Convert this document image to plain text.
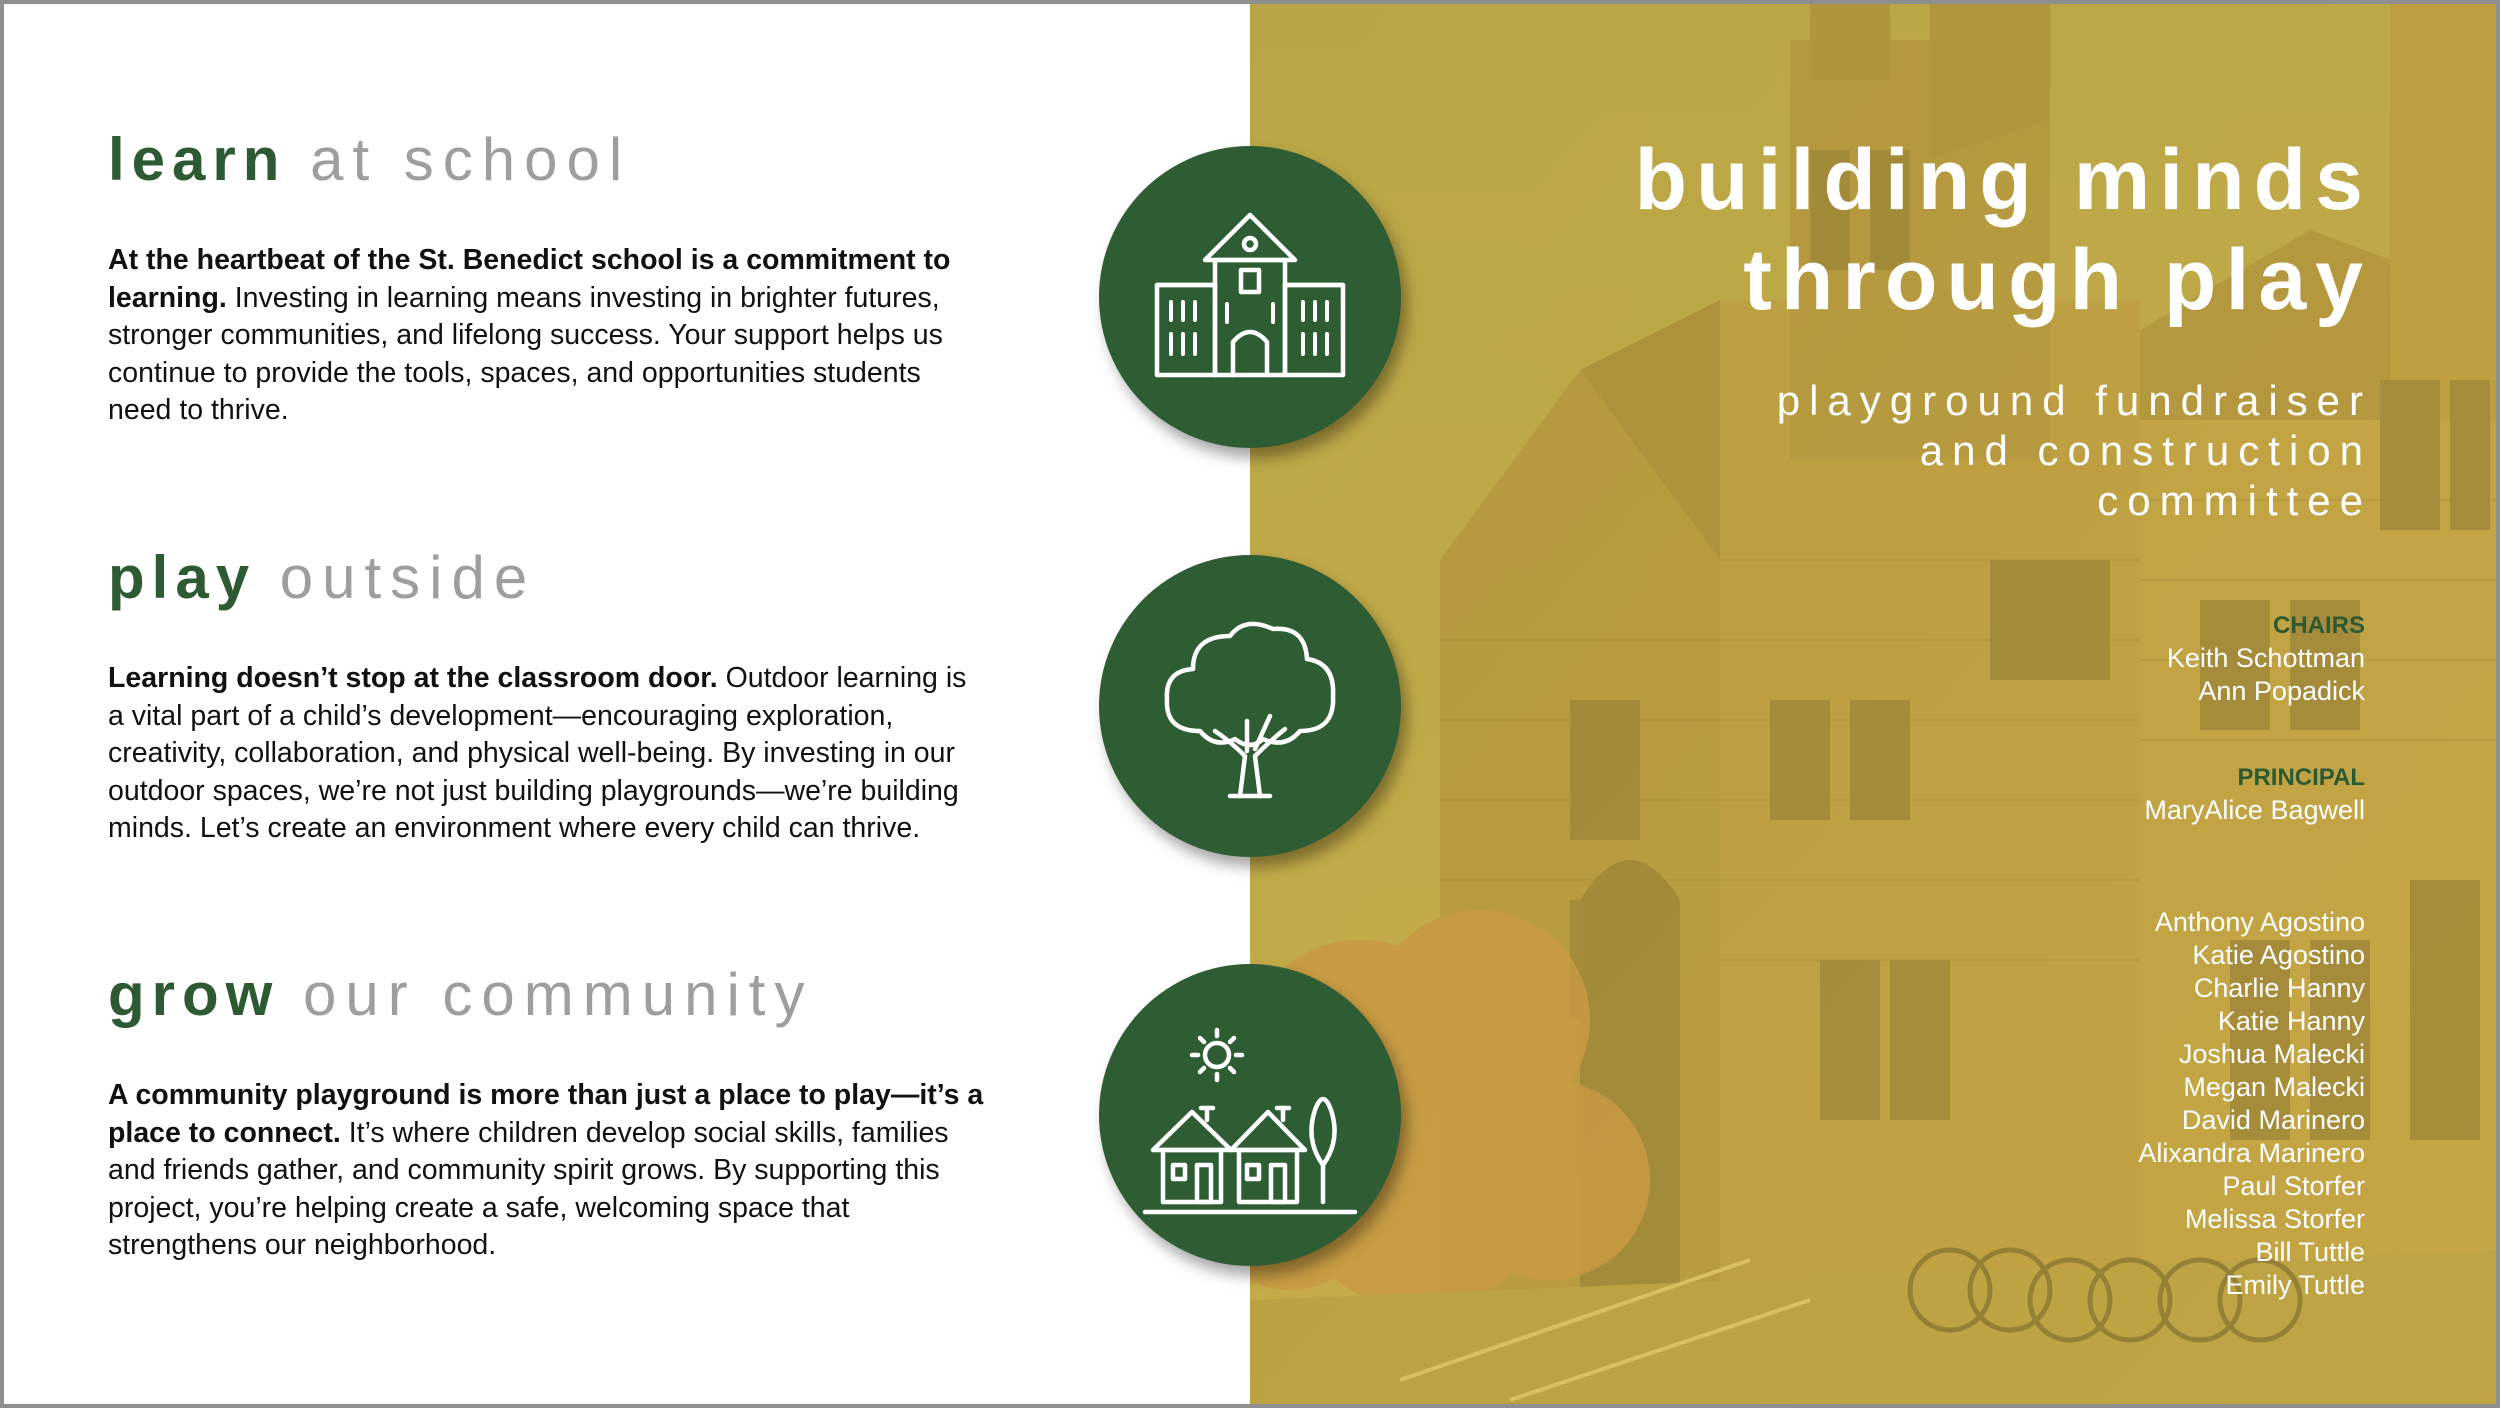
learn at school
At the heartbeat of the St. Benedict school is a commitment to learning. Investing in learning means investing in brighter futures, stronger communities, and lifelong success. Your support helps us continue to provide the tools, spaces, and opportunities students need to thrive.
play outside
Learning doesn’t stop at the classroom door. Outdoor learning is a vital part of a child’s development—encouraging exploration, creativity, collaboration, and physical well-being. By investing in our outdoor spaces, we’re not just building playgrounds—we’re building minds. Let’s create an environment where every child can thrive.
grow our community
A community playground is more than just a place to play—it’s a place to connect. It’s where children develop social skills, families and friends gather, and community spirit grows. By supporting this project, you’re helping create a safe, welcoming space that strengthens our neighborhood.
building minds
through play
playground fundraiser
and construction
committee
CHAIRS
Keith Schottman
Ann Popadick
PRINCIPAL
MaryAlice Bagwell
Anthony Agostino
Katie Agostino
Charlie Hanny
Katie Hanny
Joshua Malecki
Megan Malecki
David Marinero
Alixandra Marinero
Paul Storfer
Melissa Storfer
Bill Tuttle
Emily Tuttle
